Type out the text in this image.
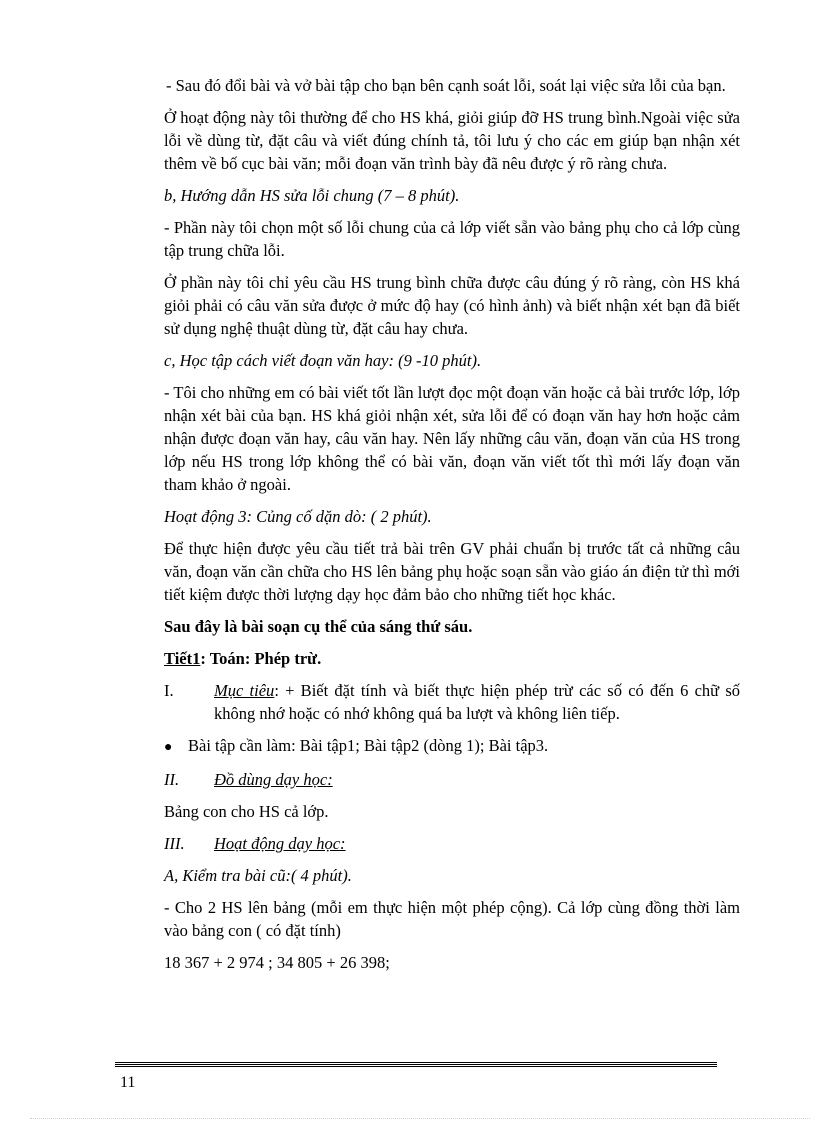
- Sau đó đổi bài và vở bài tập cho bạn bên cạnh soát lỗi, soát lại việc sửa lỗi của bạn.

Ở hoạt động này tôi thường để cho HS khá, giỏi giúp đỡ HS trung bình.Ngoài việc sửa lỗi về dùng từ, đặt câu và viết đúng chính tả, tôi lưu ý cho các em giúp bạn nhận xét thêm về bố cục bài văn; mỗi đoạn văn trình bày đã nêu được ý rõ ràng chưa.

b, Hướng dẫn HS sửa lỗi chung (7 – 8 phút).

- Phần này tôi chọn một số lỗi chung của cả lớp viết sẵn vào bảng phụ cho cả lớp cùng tập trung chữa lỗi.

Ở phần này tôi chỉ yêu cầu HS trung bình chữa được câu đúng ý rõ ràng, còn HS khá giỏi phải có câu văn sửa được ở mức độ hay (có hình ảnh) và biết nhận xét bạn đã biết sử dụng nghệ thuật dùng từ, đặt câu hay chưa.

c, Học tập cách viết đoạn văn hay: (9 -10 phút).

- Tôi cho những em có bài viết tốt lần lượt đọc một đoạn văn hoặc cả bài trước lớp, lớp nhận xét bài của bạn. HS khá giỏi nhận xét, sửa lỗi để có đoạn văn hay hơn hoặc cảm nhận được đoạn văn hay, câu văn hay. Nên lấy những câu văn, đoạn văn của HS trong lớp nếu HS trong lớp không thể có bài văn, đoạn văn viết tốt thì mới lấy đoạn văn tham khảo ở ngoài.

Hoạt động 3: Củng cố dặn dò: ( 2 phút).

Để thực hiện được yêu cầu tiết trả bài trên GV phải chuẩn bị trước tất cả những câu văn, đoạn văn cần chữa cho HS lên bảng phụ hoặc soạn sẵn vào giáo án điện tử thì mới tiết kiệm được thời lượng dạy học đảm bảo cho những tiết học khác.

Sau đây là bài soạn cụ thể của sáng thứ sáu.

Tiết1: Toán: Phép trừ.

I.	Mục tiêu: + Biết đặt tính và biết thực hiện phép trừ các số có đến 6 chữ số không nhớ hoặc có nhớ không quá ba lượt và không liên tiếp.

● Bài tập cần làm: Bài tập1; Bài tập2 (dòng 1); Bài tập3.
II.	Đồ dùng dạy học:

Bảng con cho HS cả lớp.

III.	Hoạt động dạy học:

A, Kiểm tra bài cũ:( 4 phút).

- Cho 2 HS lên bảng (mỗi em thực hiện một phép cộng). Cả lớp cùng đồng thời làm vào bảng con ( có đặt tính)

18 367 + 2 974 ; 34 805 + 26 398;

11
